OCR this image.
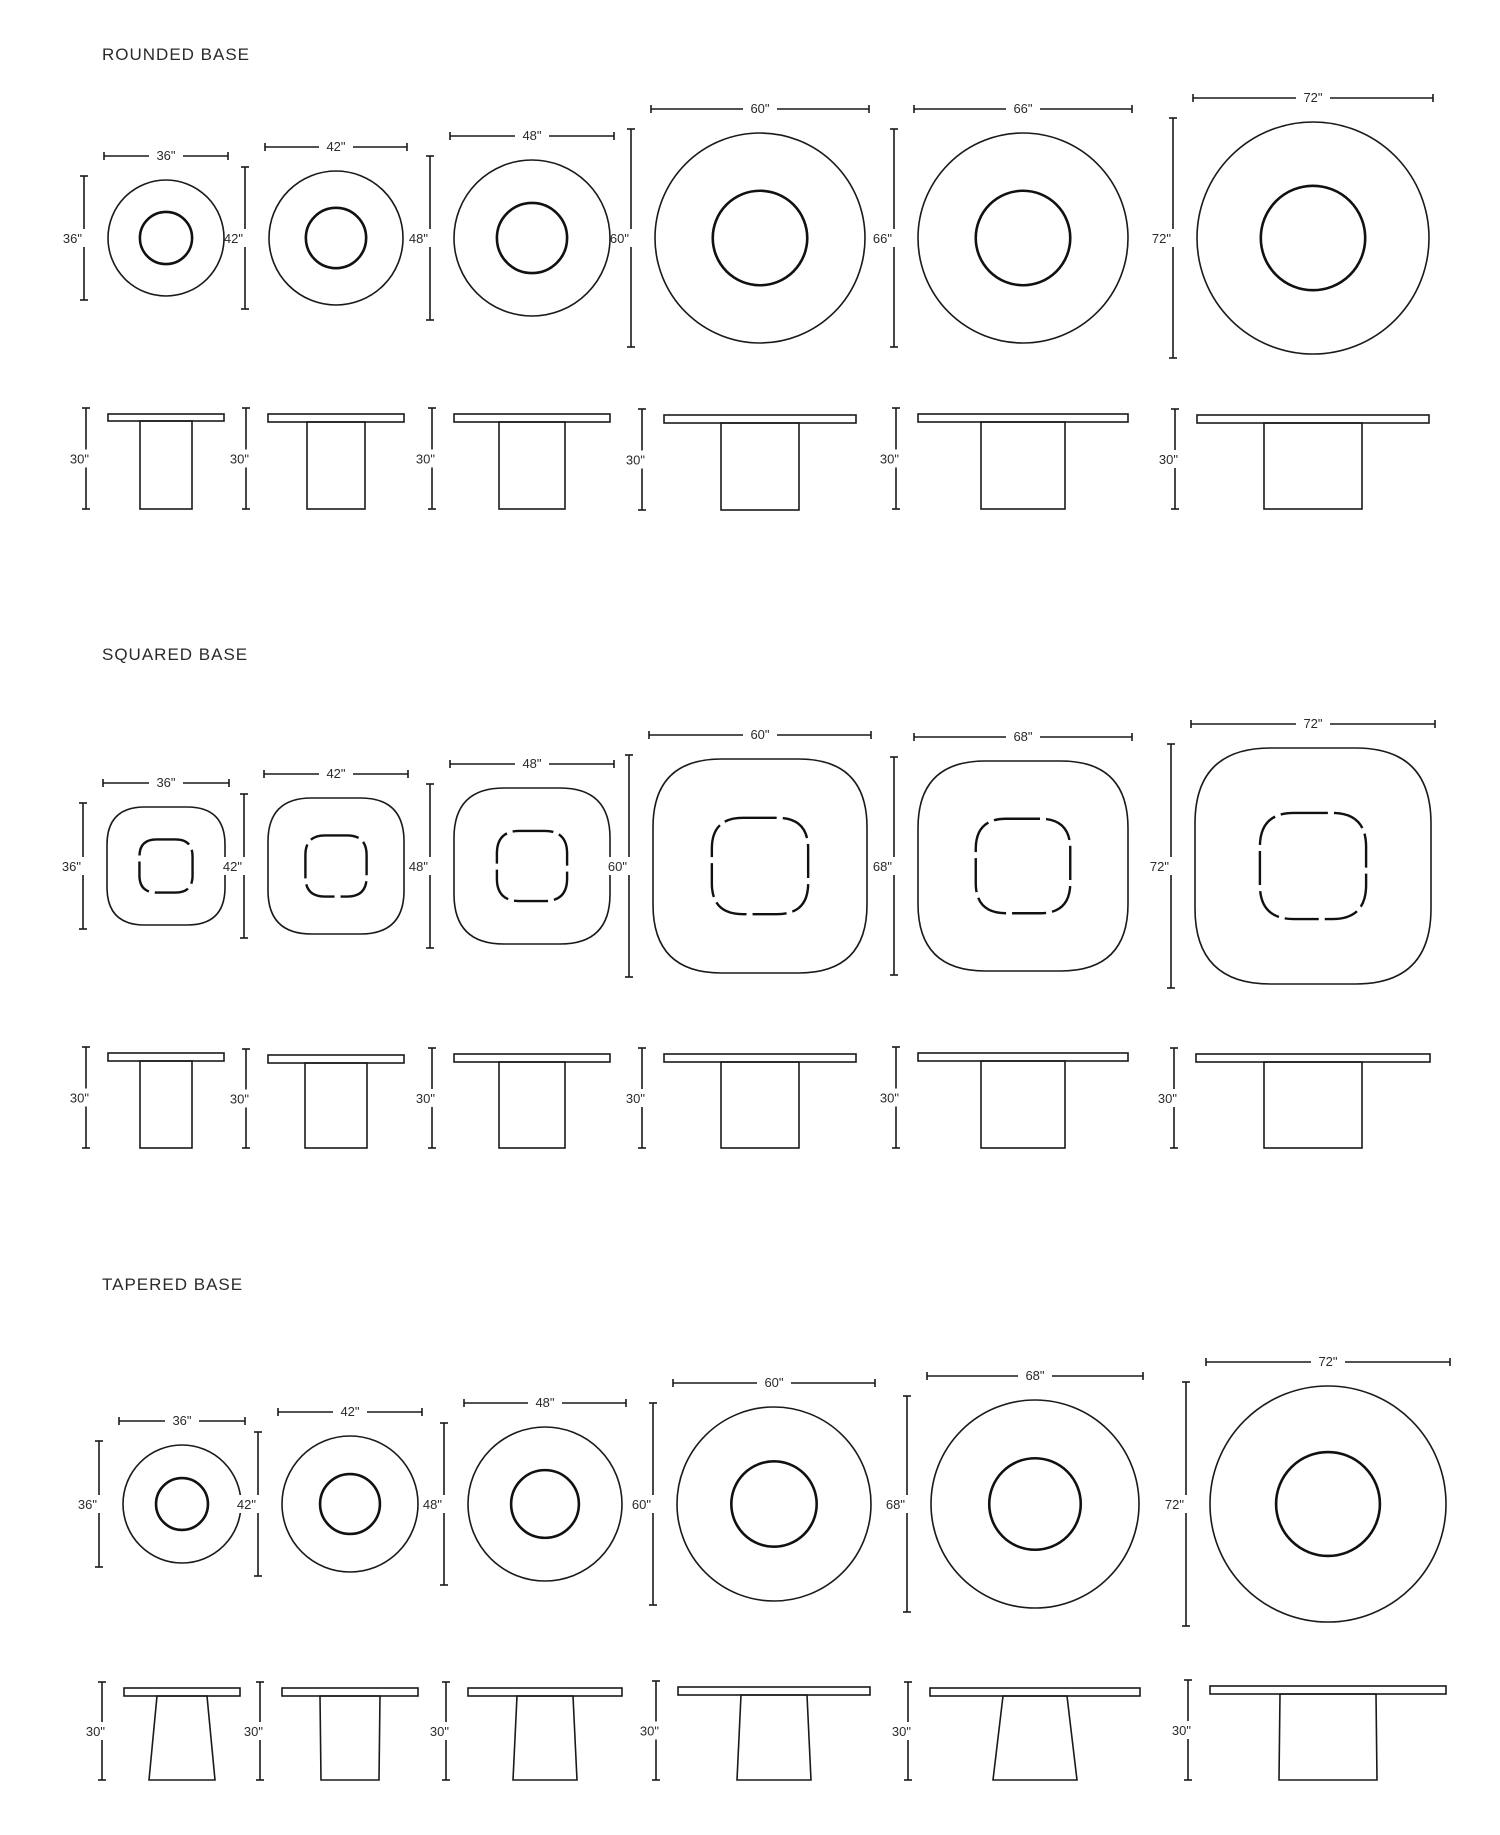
ROUNDED BASE
36"
36"
30"
42"
42"
30"
48"
48"
30"
60"
60"
30"
66"
66"
30"
72"
72"
30"
SQUARED BASE
36"
36"
30"
42"
42"
30"
48"
48"
30"
60"
60"
30"
68"
68"
30"
72"
72"
30"
TAPERED BASE
36"
36"
30"
42"
42"
30"
48"
48"
30"
60"
60"
30"
68"
68"
30"
72"
72"
30"
